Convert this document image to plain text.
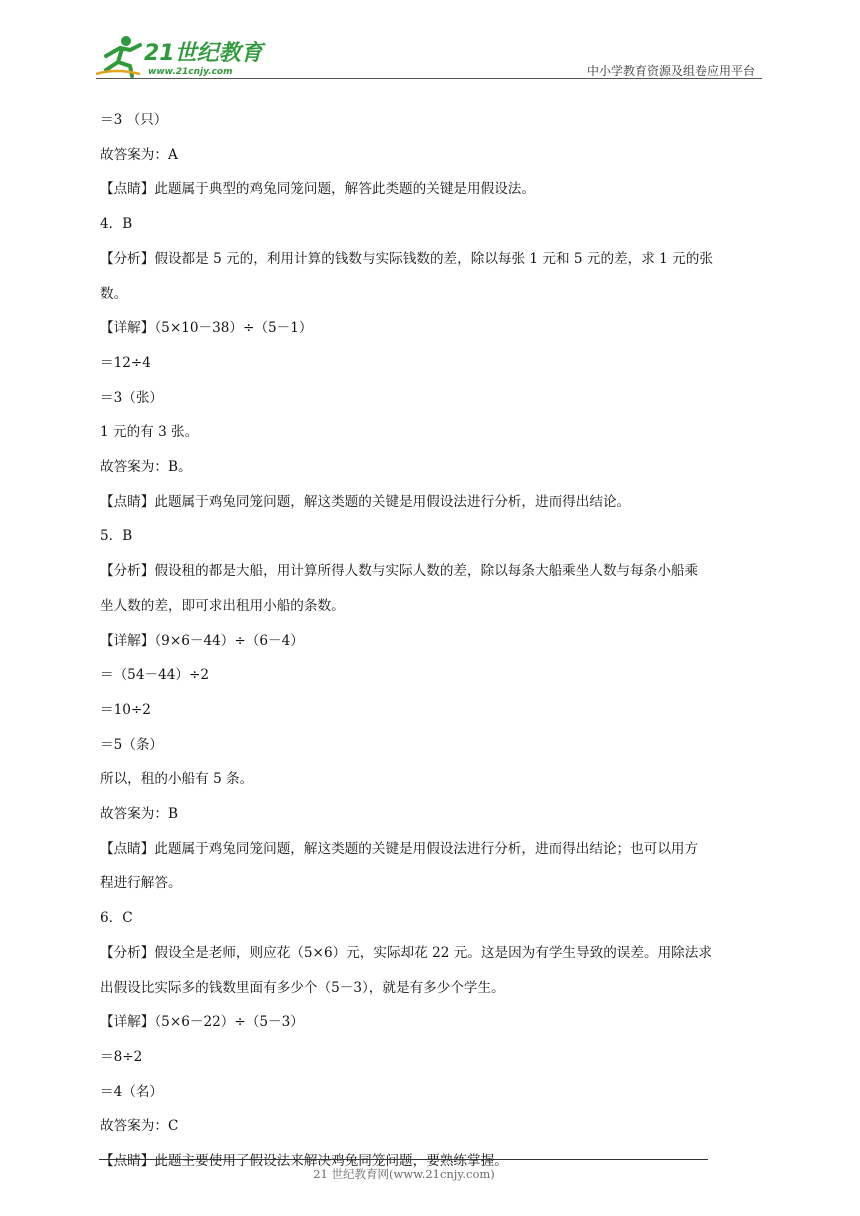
21世纪教育
www.21cnjy.com	中小学教育资源及组卷应用平台
＝3 （只）
故答案为：A
【点睛】此题属于典型的鸡兔同笼问题，解答此类题的关键是用假设法。
4．B
【分析】假设都是 5 元的，利用计算的钱数与实际钱数的差，除以每张 1 元和 5 元的差，求 1 元的张
数。
【详解】（5×10－38）÷（5－1）
＝12÷4
＝3（张）
1 元的有 3 张。
故答案为：B。
【点睛】此题属于鸡兔同笼问题，解这类题的关键是用假设法进行分析，进而得出结论。
5．B
【分析】假设租的都是大船，用计算所得人数与实际人数的差，除以每条大船乘坐人数与每条小船乘
坐人数的差，即可求出租用小船的条数。
【详解】（9×6－44）÷（6－4）
＝（54－44）÷2
＝10÷2
＝5（条）
所以，租的小船有 5 条。
故答案为：B
【点睛】此题属于鸡兔同笼问题，解这类题的关键是用假设法进行分析，进而得出结论；也可以用方
程进行解答。
6．C
【分析】假设全是老师，则应花（5×6）元，实际却花 22 元。这是因为有学生导致的误差。用除法求
出假设比实际多的钱数里面有多少个（5－3），就是有多少个学生。
【详解】（5×6－22）÷（5－3）
＝8÷2
＝4（名）
故答案为：C
【点睛】此题主要使用了假设法来解决鸡兔同笼问题，要熟练掌握。
21 世纪教育网(www.21cnjy.com)
